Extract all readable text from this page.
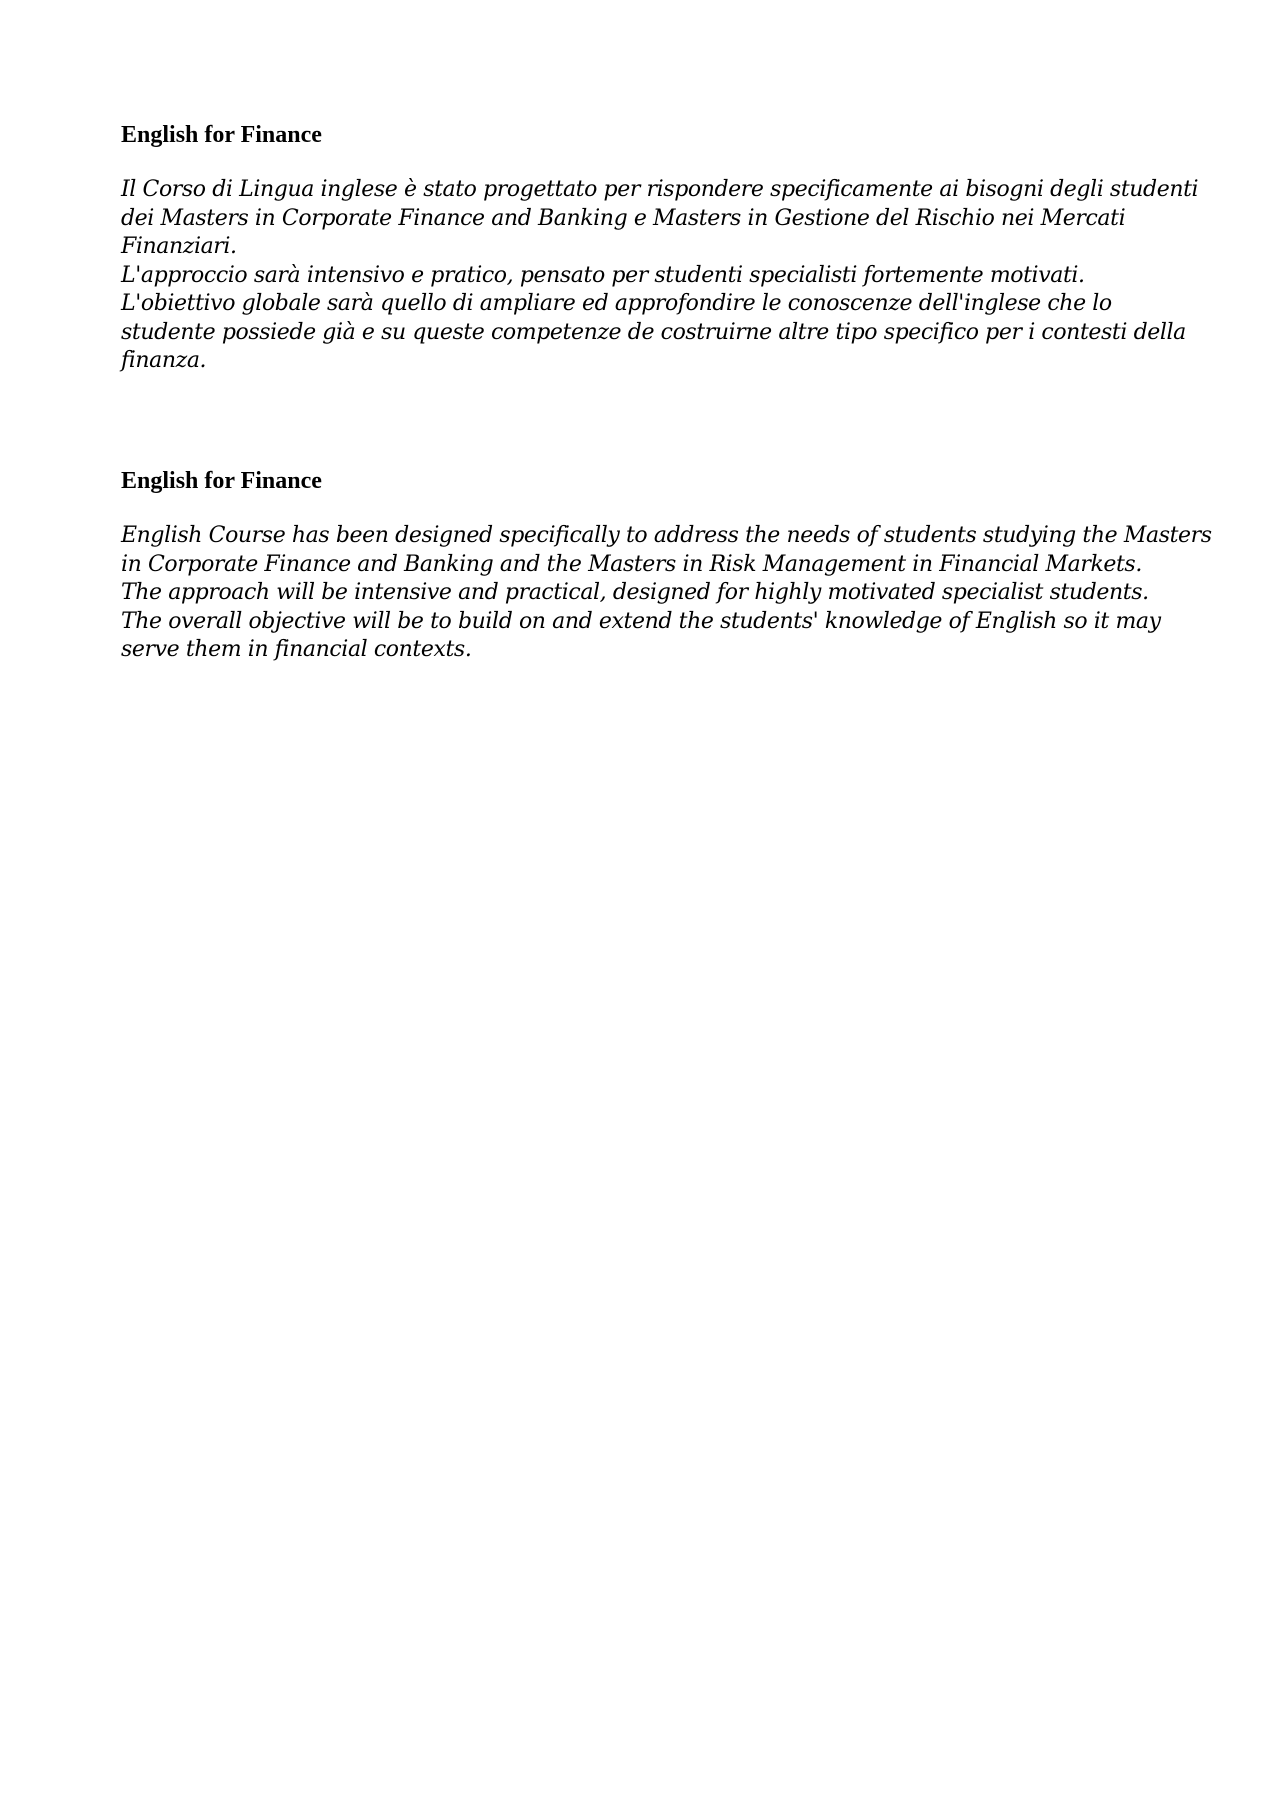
English for Finance

Il Corso di Lingua inglese è stato progettato per rispondere specificamente ai bisogni degli studenti
dei Masters in Corporate Finance and Banking e Masters in Gestione del Rischio nei Mercati
Finanziari.
L'approccio sarà intensivo e pratico, pensato per studenti specialisti fortemente motivati.
L'obiettivo globale sarà quello di ampliare ed approfondire le conoscenze dell'inglese che lo
studente possiede già e su queste competenze de costruirne altre tipo specifico per i contesti della
finanza.

English for Finance

English Course has been designed specifically to address the needs of students studying the Masters
in Corporate Finance and Banking and the Masters in Risk Management in Financial Markets.
The approach will be intensive and practical, designed for highly motivated specialist students.
The overall objective will be to build on and extend the students' knowledge of English so it may
serve them in financial contexts.
